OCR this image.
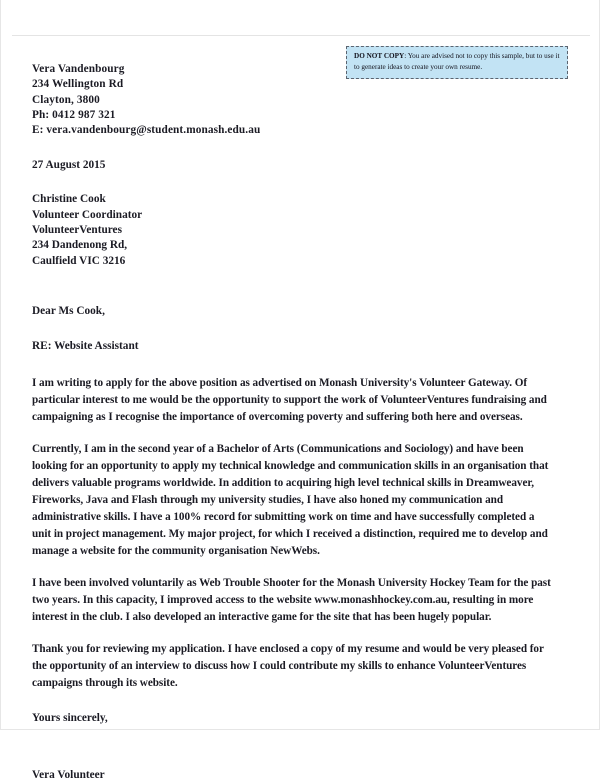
DO NOT COPY: You are advised not to copy this sample, but to use it to generate ideas to create your own resume.

Vera Vandenbourg
234 Wellington Rd
Clayton, 3800
Ph: 0412 987 321
E: vera.vandenbourg@student.monash.edu.au
27 August 2015
Christine Cook
Volunteer Coordinator
VolunteerVentures
234 Dandenong Rd,
Caulfield VIC 3216
Dear Ms Cook,
RE: Website Assistant

I am writing to apply for the above position as advertised on Monash University's Volunteer Gateway. Of particular interest to me would be the opportunity to support the work of VolunteerVentures fundraising and campaigning as I recognise the importance of overcoming poverty and suffering both here and overseas.

Currently, I am in the second year of a Bachelor of Arts (Communications and Sociology) and have been looking for an opportunity to apply my technical knowledge and communication skills in an organisation that delivers valuable programs worldwide. In addition to acquiring high level technical skills in Dreamweaver, Fireworks, Java and Flash through my university studies, I have also honed my communication and administrative skills. I have a 100% record for submitting work on time and have successfully completed a unit in project management. My major project, for which I received a distinction, required me to develop and manage a website for the community organisation NewWebs.

I have been involved voluntarily as Web Trouble Shooter for the Monash University Hockey Team for the past two years. In this capacity, I improved access to the website www.monashhockey.com.au, resulting in more interest in the club. I also developed an interactive game for the site that has been hugely popular.

Thank you for reviewing my application. I have enclosed a copy of my resume and would be very pleased for the opportunity of an interview to discuss how I could contribute my skills to enhance VolunteerVentures campaigns through its website.

Yours sincerely,
Vera Volunteer
